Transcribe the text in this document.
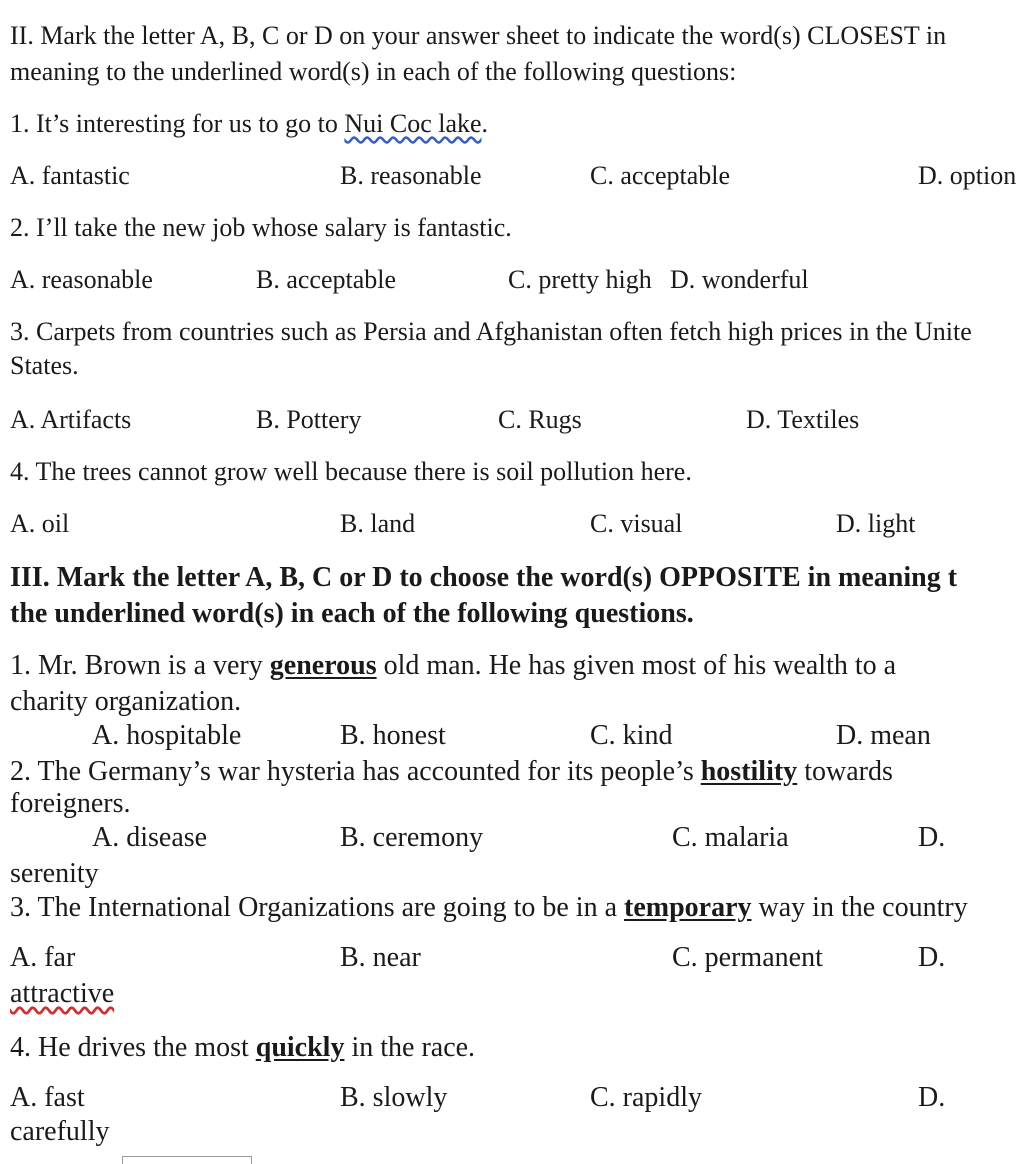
II. Mark the letter A, B, C or D on your answer sheet to indicate the word(s) CLOSEST in
meaning to the underlined word(s) in each of the following questions:
1. It’s interesting for us to go to Nui Coc lake.
A. fantastic	B. reasonable	C. acceptable	D. option
2. I’ll take the new job whose salary is fantastic.
A. reasonable	B. acceptable	C. pretty high D. wonderful
3. Carpets from countries such as Persia and Afghanistan often fetch high prices in the Unite
States.
A. Artifacts	B. Pottery	C. Rugs	D. Textiles
4. The trees cannot grow well because there is soil pollution here.
A. oil	B. land	C. visual	D. light
III. Mark the letter A, B, C or D to choose the word(s) OPPOSITE in meaning t
the underlined word(s) in each of the following questions.
1. Mr. Brown is a very generous old man. He has given most of his wealth to a
charity organization.
A. hospitable	B. honest	C. kind	D. mean
2. The Germany’s war hysteria has accounted for its people’s hostility towards
foreigners.
A. disease	B. ceremony	C. malaria	D.
serenity
3. The International Organizations are going to be in a temporary way in the country
A. far	B. near	C. permanent	D.
attractive
4. He drives the most quickly in the race.
A. fast	B. slowly	C. rapidly	D.
carefully
